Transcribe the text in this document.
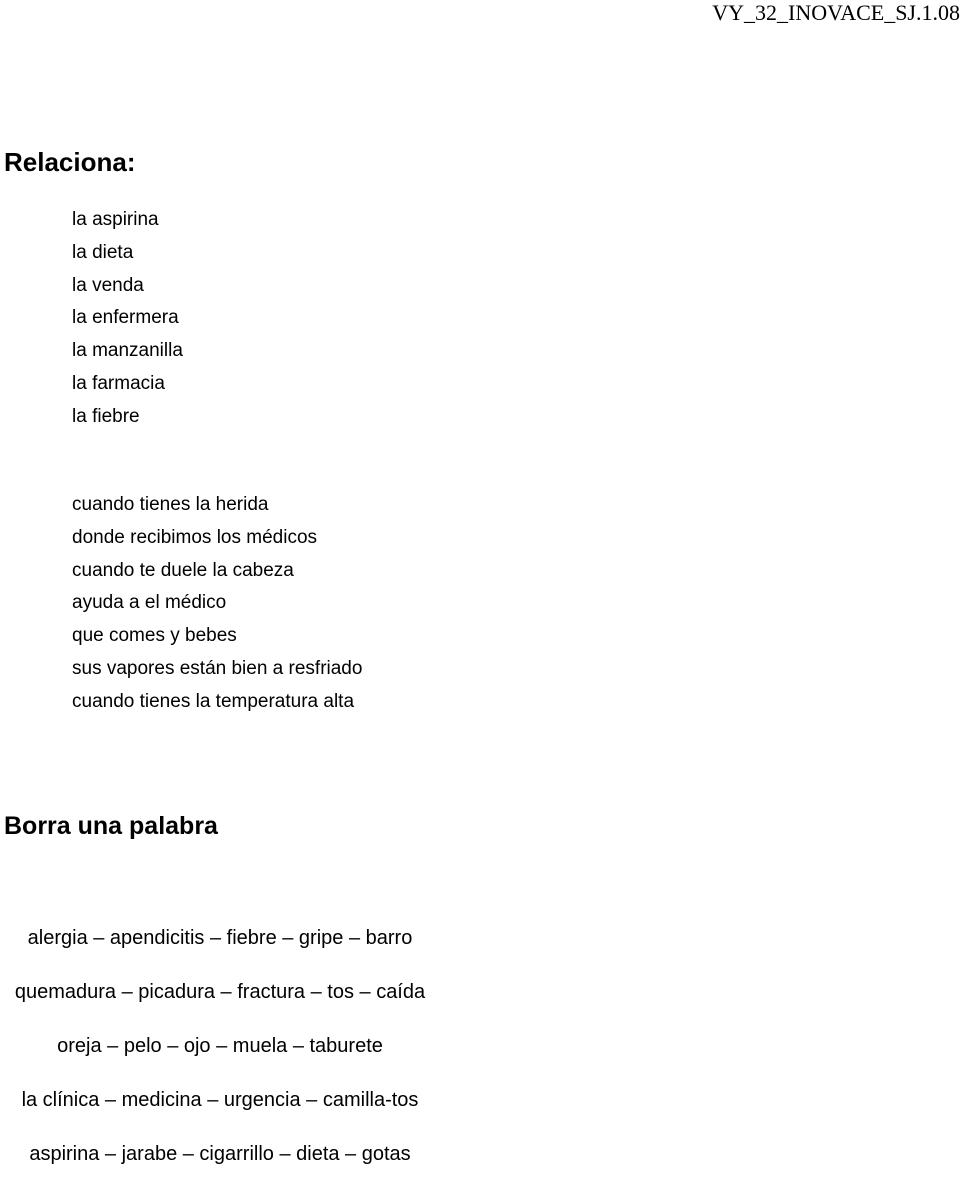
VY_32_INOVACE_SJ.1.08
Relaciona:
la aspirina
la dieta
la venda
la enfermera
la manzanilla
la farmacia
la fiebre
cuando tienes la herida
donde recibimos los médicos
cuando te duele la cabeza
ayuda a el médico
que comes y bebes
sus vapores están bien a resfriado
cuando tienes la temperatura alta
Borra una palabra
alergia – apendicitis – fiebre – gripe – barro
quemadura – picadura – fractura – tos – caída
oreja – pelo – ojo – muela – taburete
la clínica – medicina – urgencia – camilla-tos
aspirina – jarabe – cigarrillo – dieta – gotas
